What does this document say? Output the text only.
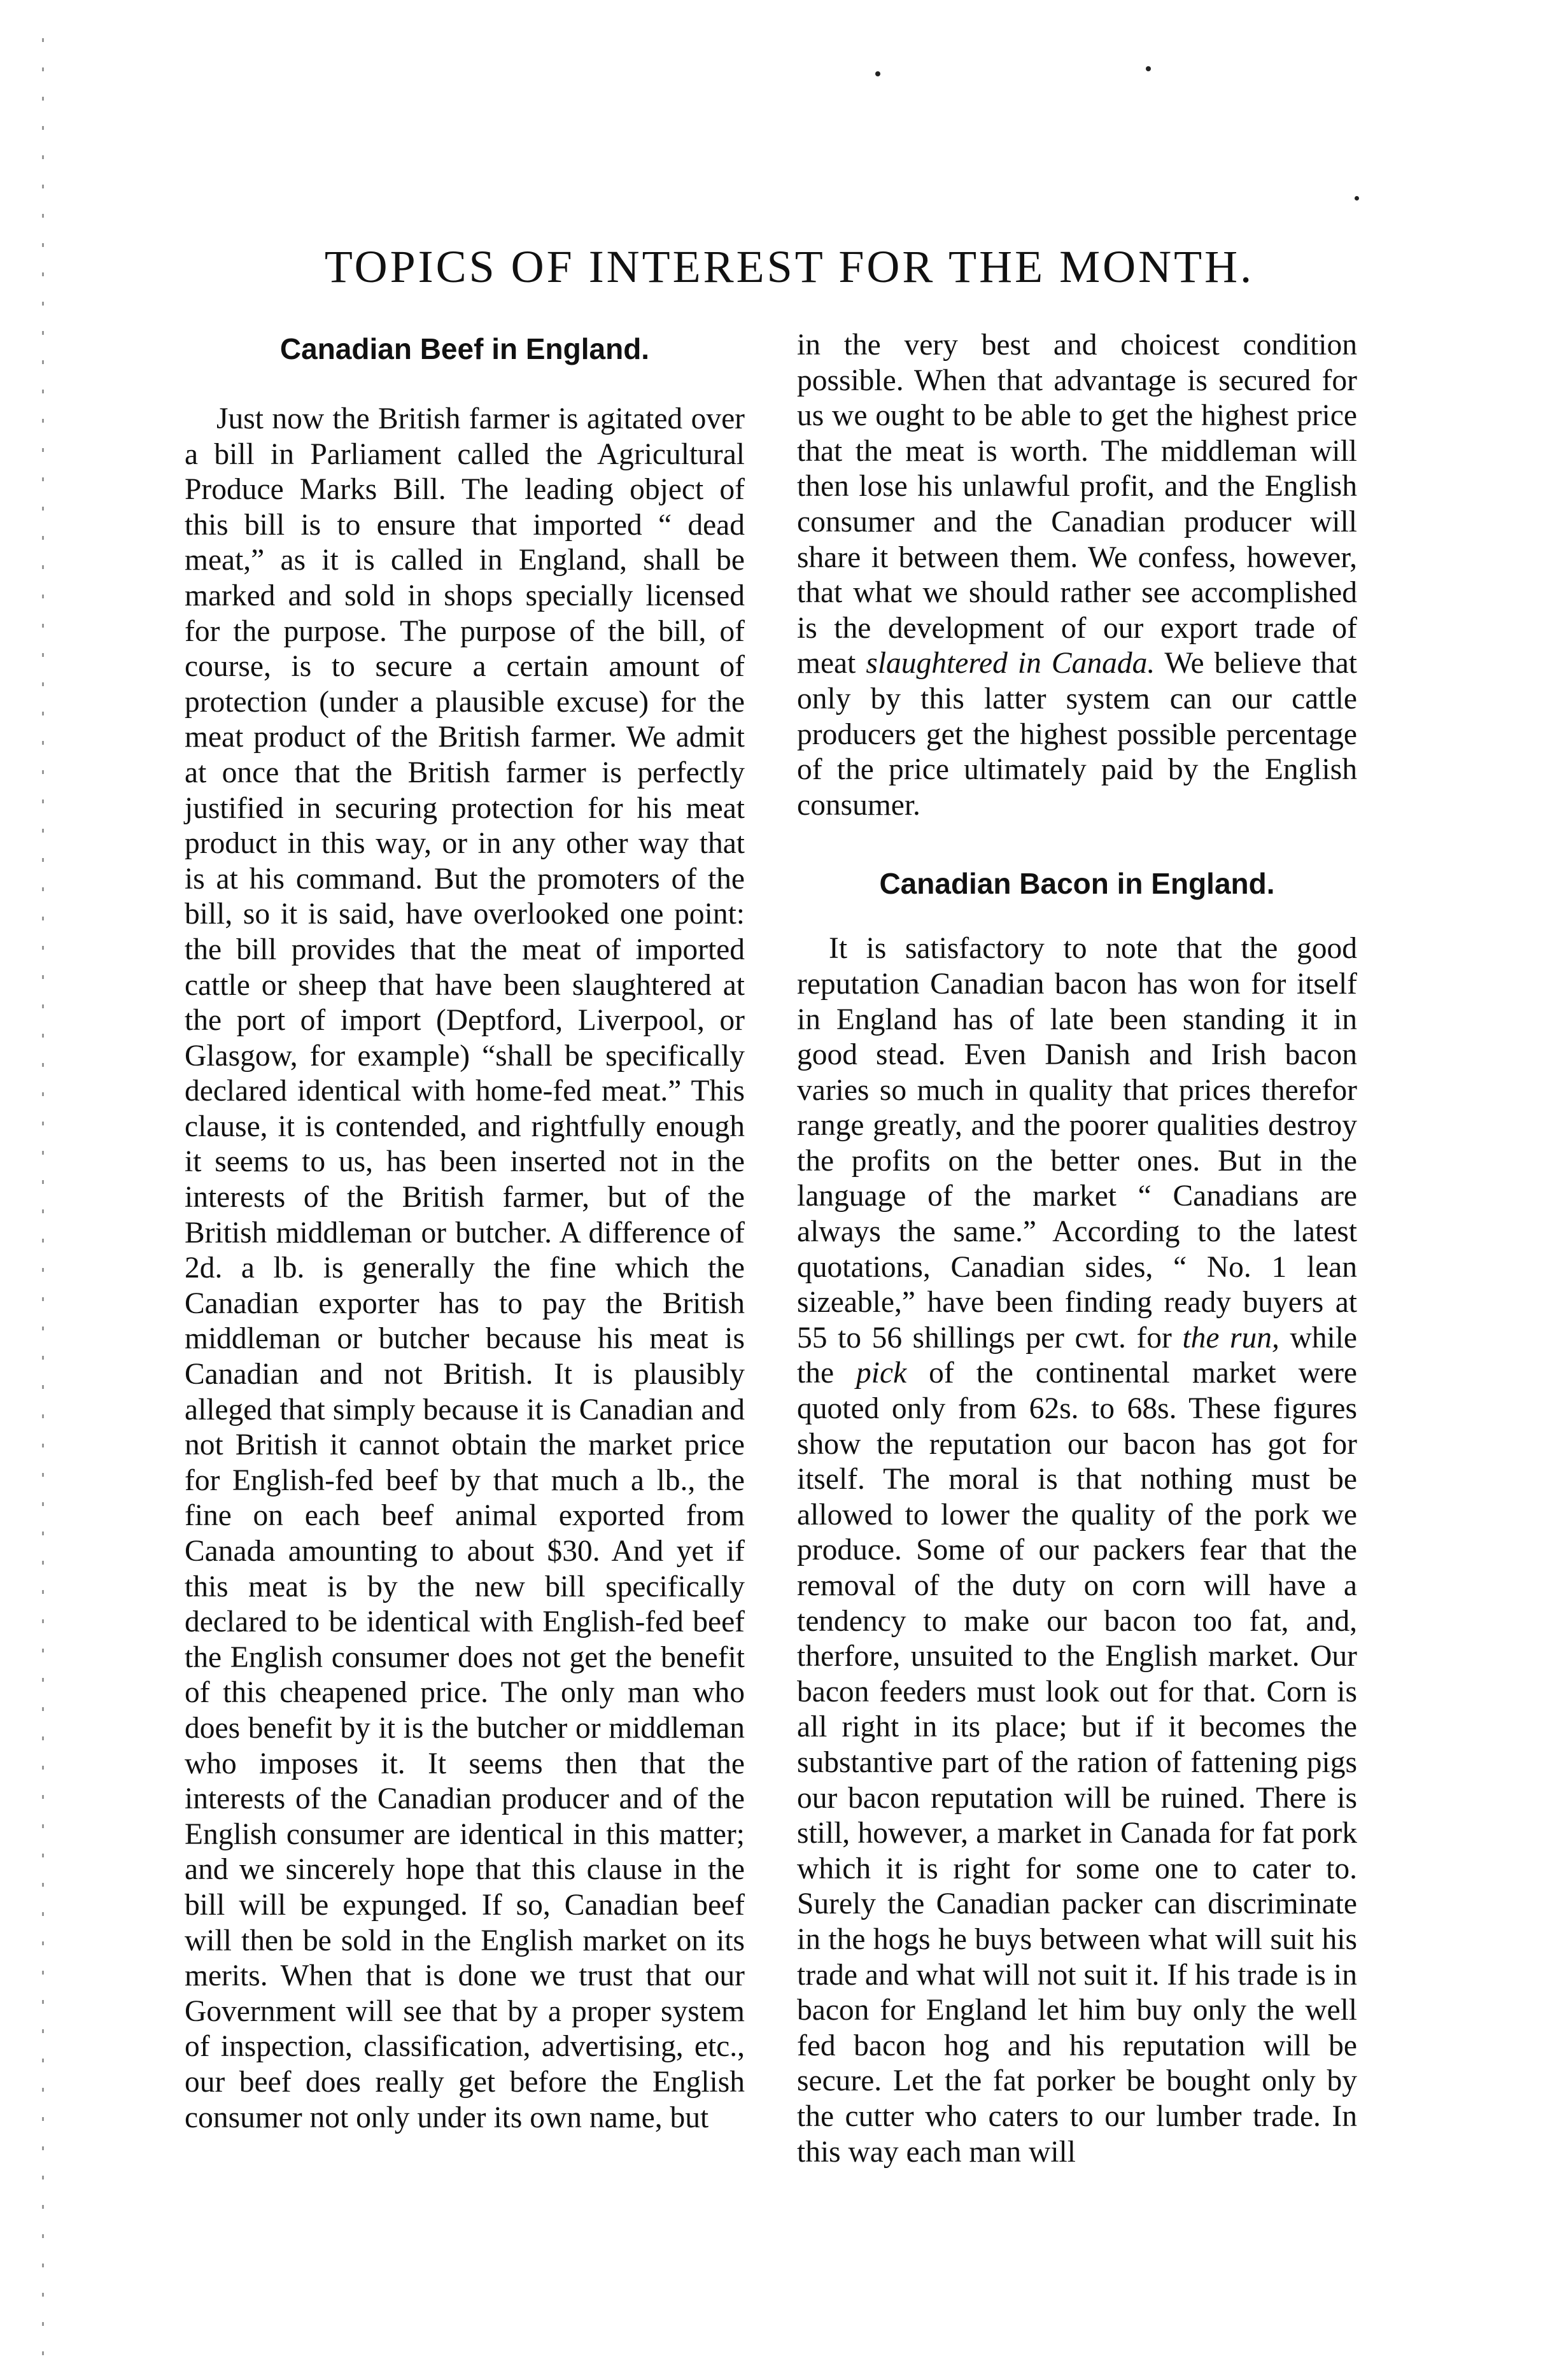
TOPICS OF INTEREST FOR THE MONTH.
Canadian Beef in England.

Just now the British farmer is agitated over a bill in Parliament called the Agricultural Produce Marks Bill. The leading object of this bill is to ensure that imported “ dead meat,” as it is called in England, shall be marked and sold in shops specially licensed for the purpose. The purpose of the bill, of course, is to secure a certain amount of protection (under a plausible excuse) for the meat product of the British farmer. We admit at once that the British farmer is perfectly justified in securing protection for his meat product in this way, or in any other way that is at his command. But the promoters of the bill, so it is said, have overlooked one point: the bill provides that the meat of imported cattle or sheep that have been slaughtered at the port of import (Deptford, Liverpool, or Glasgow, for example) “shall be specifically declared identical with home-fed meat.” This clause, it is contended, and rightfully enough it seems to us, has been inserted not in the interests of the British farmer, but of the British middleman or butcher. A difference of 2d. a lb. is generally the fine which the Canadian exporter has to pay the British middleman or butcher because his meat is Canadian and not British. It is plausibly alleged that simply because it is Canadian and not British it cannot obtain the market price for English-fed beef by that much a lb., the fine on each beef animal exported from Canada amounting to about $30. And yet if this meat is by the new bill specifically declared to be identical with English-fed beef the English consumer does not get the benefit of this cheapened price. The only man who does benefit by it is the butcher or middleman who imposes it. It seems then that the interests of the Canadian producer and of the English consumer are identical in this matter; and we sincerely hope that this clause in the bill will be expunged. If so, Canadian beef will then be sold in the English market on its merits. When that is done we trust that our Government will see that by a proper system of inspection, classification, advertising, etc., our beef does really get before the English consumer not only under its own name, but

in the very best and choicest condition possible. When that advantage is secured for us we ought to be able to get the highest price that the meat is worth. The middleman will then lose his unlawful profit, and the English consumer and the Canadian producer will share it between them. We confess, however, that what we should rather see accomplished is the development of our export trade of meat slaughtered in Canada. We believe that only by this latter system can our cattle producers get the highest possible percentage of the price ultimately paid by the English consumer.

Canadian Bacon in England.

It is satisfactory to note that the good reputation Canadian bacon has won for itself in England has of late been standing it in good stead. Even Danish and Irish bacon varies so much in quality that prices therefor range greatly, and the poorer qualities destroy the profits on the better ones. But in the language of the market “ Canadians are always the same.” According to the latest quotations, Canadian sides, “ No. 1 lean sizeable,” have been finding ready buyers at 55 to 56 shillings per cwt. for the run, while the pick of the continental market were quoted only from 62s. to 68s. These figures show the reputation our bacon has got for itself. The moral is that nothing must be allowed to lower the quality of the pork we produce. Some of our packers fear that the removal of the duty on corn will have a tendency to make our bacon too fat, and, therfore, unsuited to the English market. Our bacon feeders must look out for that. Corn is all right in its place; but if it becomes the substantive part of the ration of fattening pigs our bacon reputation will be ruined. There is still, however, a market in Canada for fat pork which it is right for some one to cater to. Surely the Canadian packer can discriminate in the hogs he buys between what will suit his trade and what will not suit it. If his trade is in bacon for England let him buy only the well fed bacon hog and his reputation will be secure. Let the fat porker be bought only by the cutter who caters to our lumber trade. In this way each man will
